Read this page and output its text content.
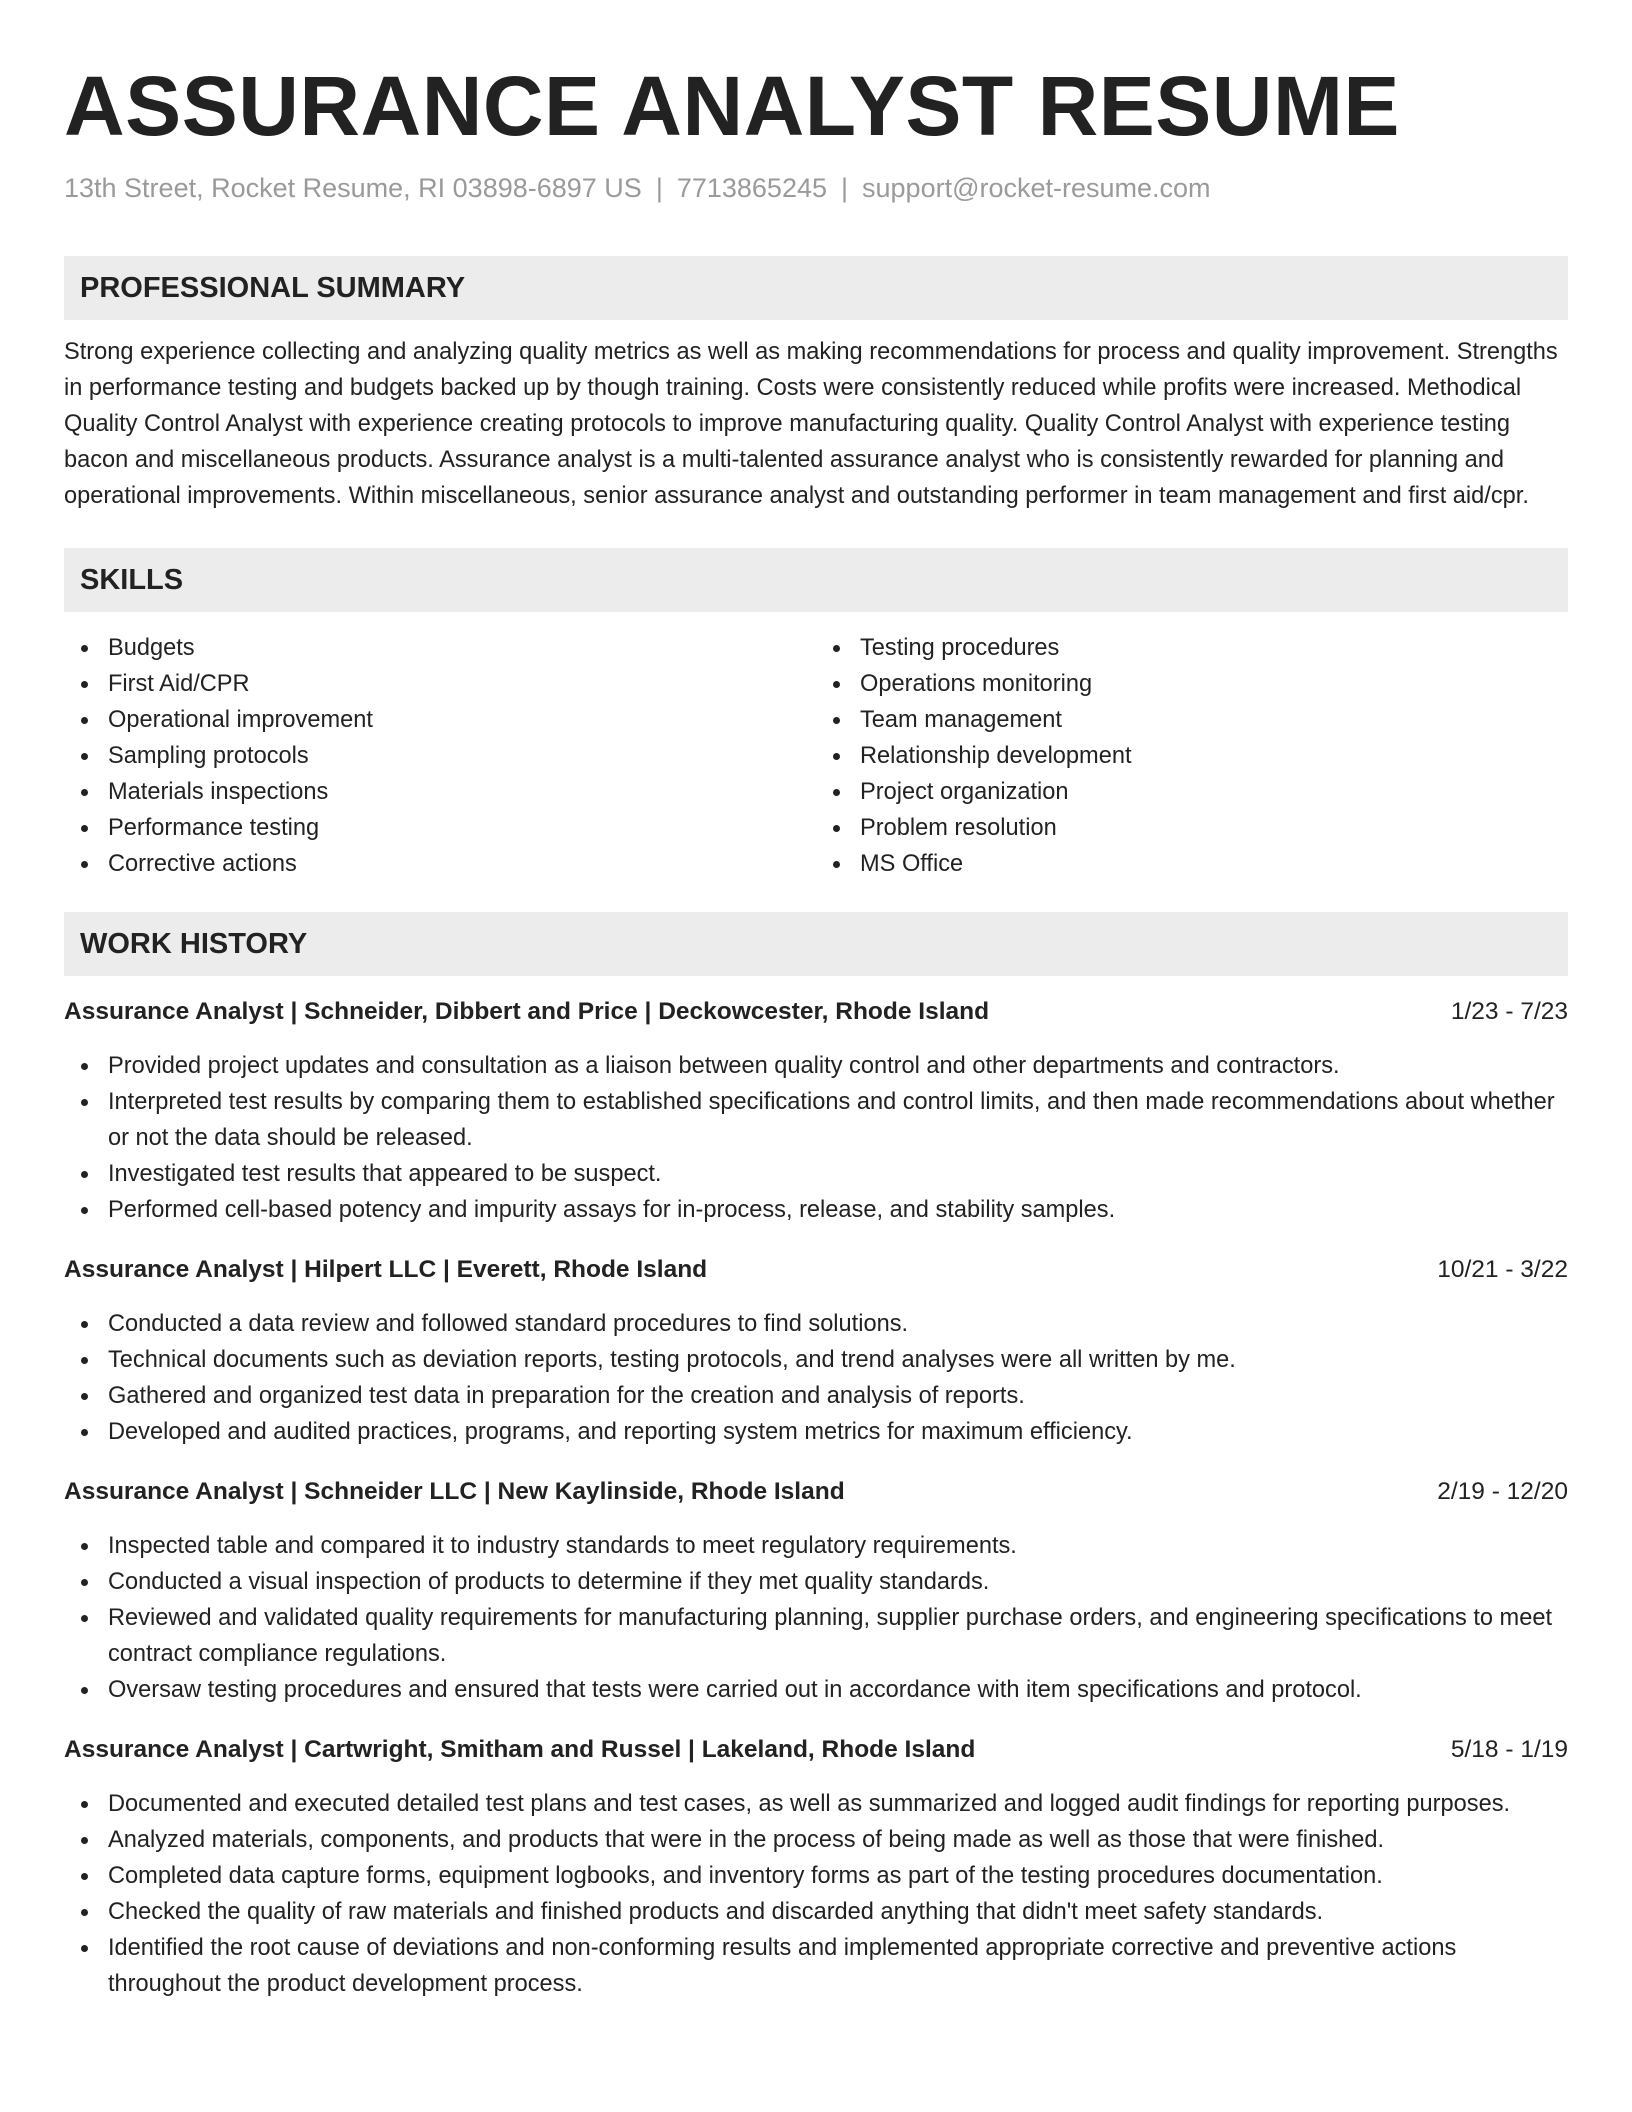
ASSURANCE ANALYST RESUME
13th Street, Rocket Resume, RI 03898-6897 US | 7713865245 | support@rocket-resume.com
PROFESSIONAL SUMMARY
Strong experience collecting and analyzing quality metrics as well as making recommendations for process and quality improvement. Strengths in performance testing and budgets backed up by though training. Costs were consistently reduced while profits were increased. Methodical Quality Control Analyst with experience creating protocols to improve manufacturing quality. Quality Control Analyst with experience testing bacon and miscellaneous products. Assurance analyst is a multi-talented assurance analyst who is consistently rewarded for planning and operational improvements. Within miscellaneous, senior assurance analyst and outstanding performer in team management and first aid/cpr.
SKILLS
Budgets
First Aid/CPR
Operational improvement
Sampling protocols
Materials inspections
Performance testing
Corrective actions
Testing procedures
Operations monitoring
Team management
Relationship development
Project organization
Problem resolution
MS Office
WORK HISTORY
Assurance Analyst | Schneider, Dibbert and Price | Deckowcester, Rhode Island	1/23 - 7/23
Provided project updates and consultation as a liaison between quality control and other departments and contractors.
Interpreted test results by comparing them to established specifications and control limits, and then made recommendations about whether or not the data should be released.
Investigated test results that appeared to be suspect.
Performed cell-based potency and impurity assays for in-process, release, and stability samples.
Assurance Analyst | Hilpert LLC | Everett, Rhode Island	10/21 - 3/22
Conducted a data review and followed standard procedures to find solutions.
Technical documents such as deviation reports, testing protocols, and trend analyses were all written by me.
Gathered and organized test data in preparation for the creation and analysis of reports.
Developed and audited practices, programs, and reporting system metrics for maximum efficiency.
Assurance Analyst | Schneider LLC | New Kaylinside, Rhode Island	2/19 - 12/20
Inspected table and compared it to industry standards to meet regulatory requirements.
Conducted a visual inspection of products to determine if they met quality standards.
Reviewed and validated quality requirements for manufacturing planning, supplier purchase orders, and engineering specifications to meet contract compliance regulations.
Oversaw testing procedures and ensured that tests were carried out in accordance with item specifications and protocol.
Assurance Analyst | Cartwright, Smitham and Russel | Lakeland, Rhode Island	5/18 - 1/19
Documented and executed detailed test plans and test cases, as well as summarized and logged audit findings for reporting purposes.
Analyzed materials, components, and products that were in the process of being made as well as those that were finished.
Completed data capture forms, equipment logbooks, and inventory forms as part of the testing procedures documentation.
Checked the quality of raw materials and finished products and discarded anything that didn't meet safety standards.
Identified the root cause of deviations and non-conforming results and implemented appropriate corrective and preventive actions throughout the product development process.
